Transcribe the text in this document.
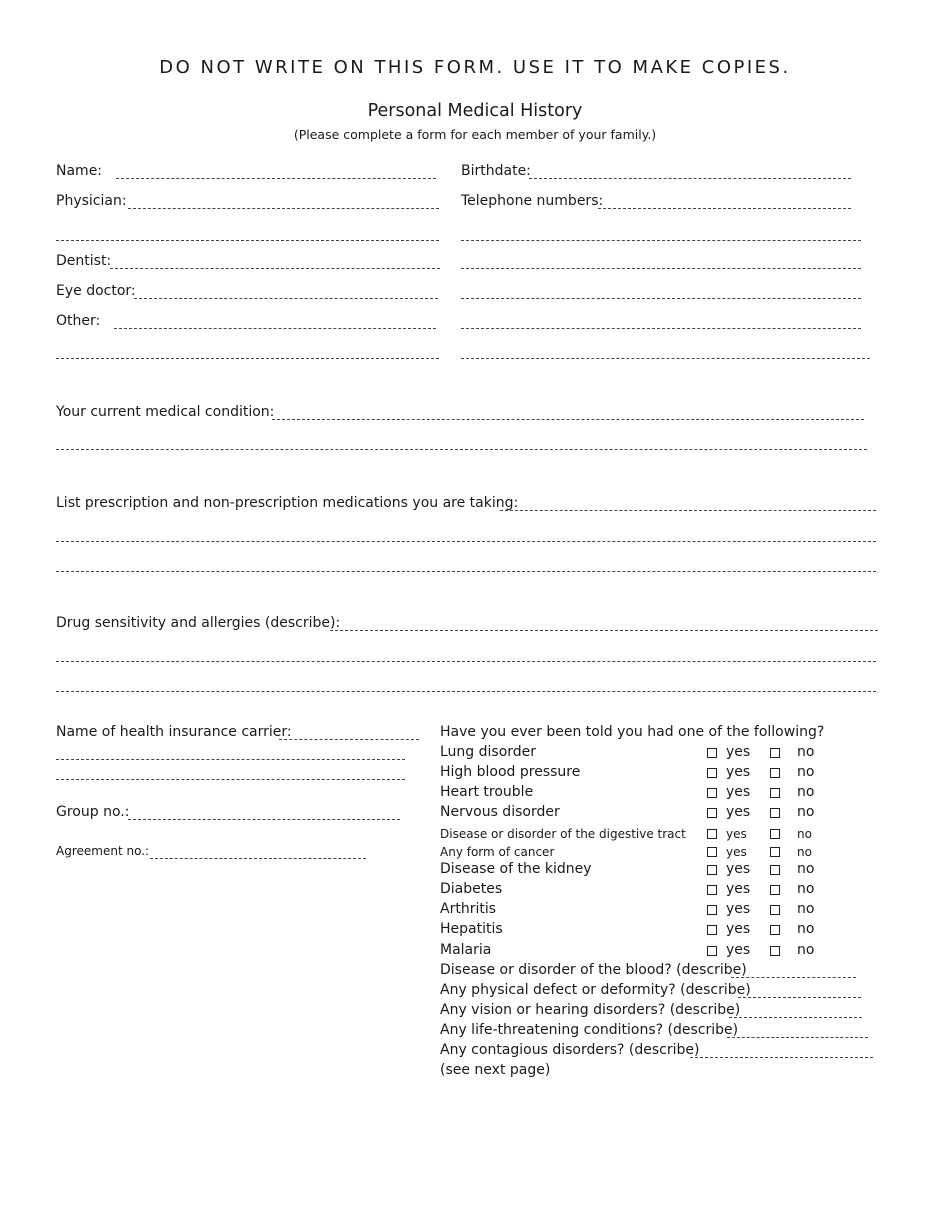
DO NOT WRITE ON THIS FORM. USE IT TO MAKE COPIES.
Personal Medical History
(Please complete a form for each member of your family.)
Name:
Physician:
Dentist:
Eye doctor:
Other:
Birthdate:
Telephone numbers:
Your current medical condition:
List prescription and non-prescription medications you are taking:
Drug sensitivity and allergies (describe):
Name of health insurance carrier:
Group no.:
Agreement no.:
Have you ever been told you had one of the following?
Lung disorder	yes	no
High blood pressure	yes	no
Heart trouble	yes	no
Nervous disorder	yes	no
Disease or disorder of the digestive tract	yes	no
Any form of cancer	yes	no
Disease of the kidney	yes	no
Diabetes	yes	no
Arthritis	yes	no
Hepatitis	yes	no
Malaria	yes	no
Disease or disorder of the blood? (describe)
Any physical defect or deformity? (describe)
Any vision or hearing disorders? (describe)
Any life-threatening conditions? (describe)
Any contagious disorders? (describe)
(see next page)
